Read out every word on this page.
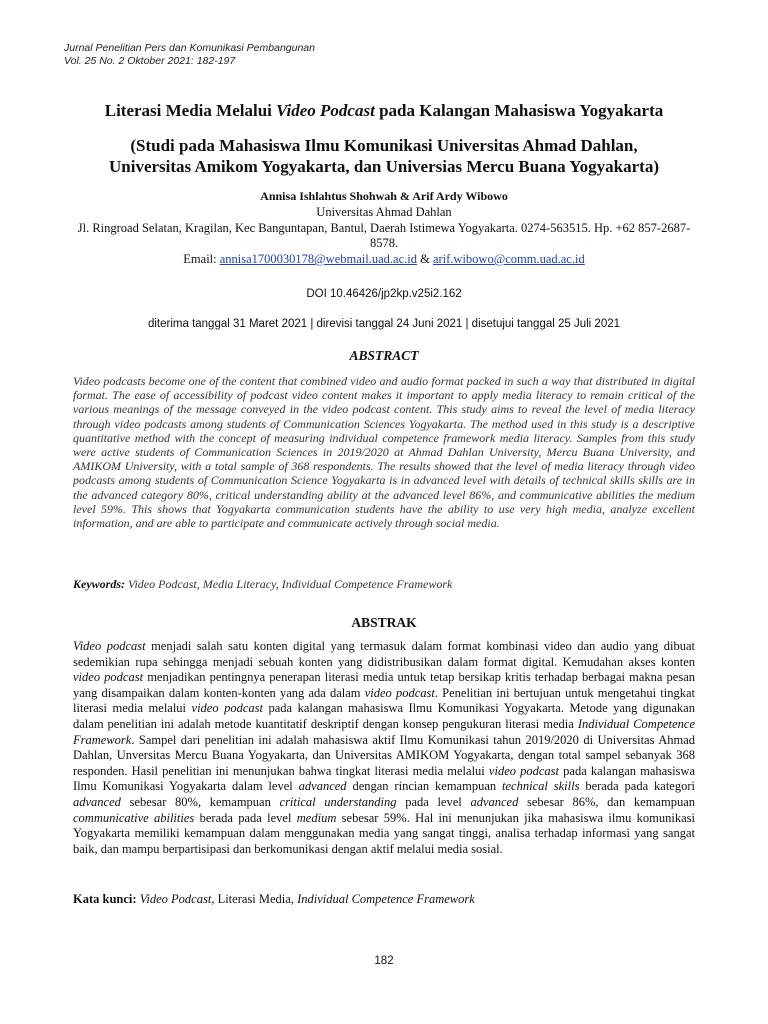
Jurnal Penelitian Pers dan Komunikasi Pembangunan
Vol. 25 No. 2 Oktober 2021: 182-197
Literasi Media Melalui Video Podcast pada Kalangan Mahasiswa Yogyakarta
(Studi pada Mahasiswa Ilmu Komunikasi Universitas Ahmad Dahlan,
Universitas Amikom Yogyakarta, dan Universias Mercu Buana Yogyakarta)
Annisa Ishlahtus Shohwah & Arif Ardy Wibowo
Universitas Ahmad Dahlan
Jl. Ringroad Selatan, Kragilan, Kec Banguntapan, Bantul, Daerah Istimewa Yogyakarta. 0274-563515. Hp. +62 857-2687-8578.
Email: annisa1700030178@webmail.uad.ac.id & arif.wibowo@comm.uad.ac.id
DOI 10.46426/jp2kp.v25i2.162
diterima tanggal 31 Maret 2021 | direvisi tanggal 24 Juni 2021 | disetujui tanggal 25 Juli 2021
ABSTRACT
Video podcasts become one of the content that combined video and audio format packed in such a way that distributed in digital format. The ease of accessibility of podcast video content makes it important to apply media literacy to remain critical of the various meanings of the message conveyed in the video podcast content. This study aims to reveal the level of media literacy through video podcasts among students of Communication Sciences Yogyakarta. The method used in this study is a descriptive quantitative method with the concept of measuring individual competence framework media literacy. Samples from this study were active students of Communication Sciences in 2019/2020 at Ahmad Dahlan University, Mercu Buana University, and AMIKOM University, with a total sample of 368 respondents. The results showed that the level of media literacy through video podcasts among students of Communication Science Yogyakarta is in advanced level with details of technical skills skills are in the advanced category 80%, critical understanding ability at the advanced level 86%, and communicative abilities the medium level 59%. This shows that Yogyakarta communication students have the ability to use very high media, analyze excellent information, and are able to participate and communicate actively through social media.
Keywords: Video Podcast, Media Literacy, Individual Competence Framework
ABSTRAK
Video podcast menjadi salah satu konten digital yang termasuk dalam format kombinasi video dan audio yang dibuat sedemikian rupa sehingga menjadi sebuah konten yang didistribusikan dalam format digital. Kemudahan akses konten video podcast menjadikan pentingnya penerapan literasi media untuk tetap bersikap kritis terhadap berbagai makna pesan yang disampaikan dalam konten-konten yang ada dalam video podcast. Penelitian ini bertujuan untuk mengetahui tingkat literasi media melalui video podcast pada kalangan mahasiswa Ilmu Komunikasi Yogyakarta. Metode yang digunakan dalam penelitian ini adalah metode kuantitatif deskriptif dengan konsep pengukuran literasi media Individual Competence Framework. Sampel dari penelitian ini adalah mahasiswa aktif Ilmu Komunikasi tahun 2019/2020 di Universitas Ahmad Dahlan, Unversitas Mercu Buana Yogyakarta, dan Universitas AMIKOM Yogyakarta, dengan total sampel sebanyak 368 responden. Hasil penelitian ini menunjukan bahwa tingkat literasi media melalui video podcast pada kalangan mahasiswa Ilmu Komunikasi Yogyakarta dalam level advanced dengan rincian kemampuan technical skills berada pada kategori advanced sebesar 80%, kemampuan critical understanding pada level advanced sebesar 86%, dan kemampuan communicative abilities berada pada level medium sebesar 59%. Hal ini menunjukan jika mahasiswa ilmu komunikasi Yogyakarta memiliki kemampuan dalam menggunakan media yang sangat tinggi, analisa terhadap informasi yang sangat baik, dan mampu berpartisipasi dan berkomunikasi dengan aktif melalui media sosial.
Kata kunci: Video Podcast, Literasi Media, Individual Competence Framework
182
